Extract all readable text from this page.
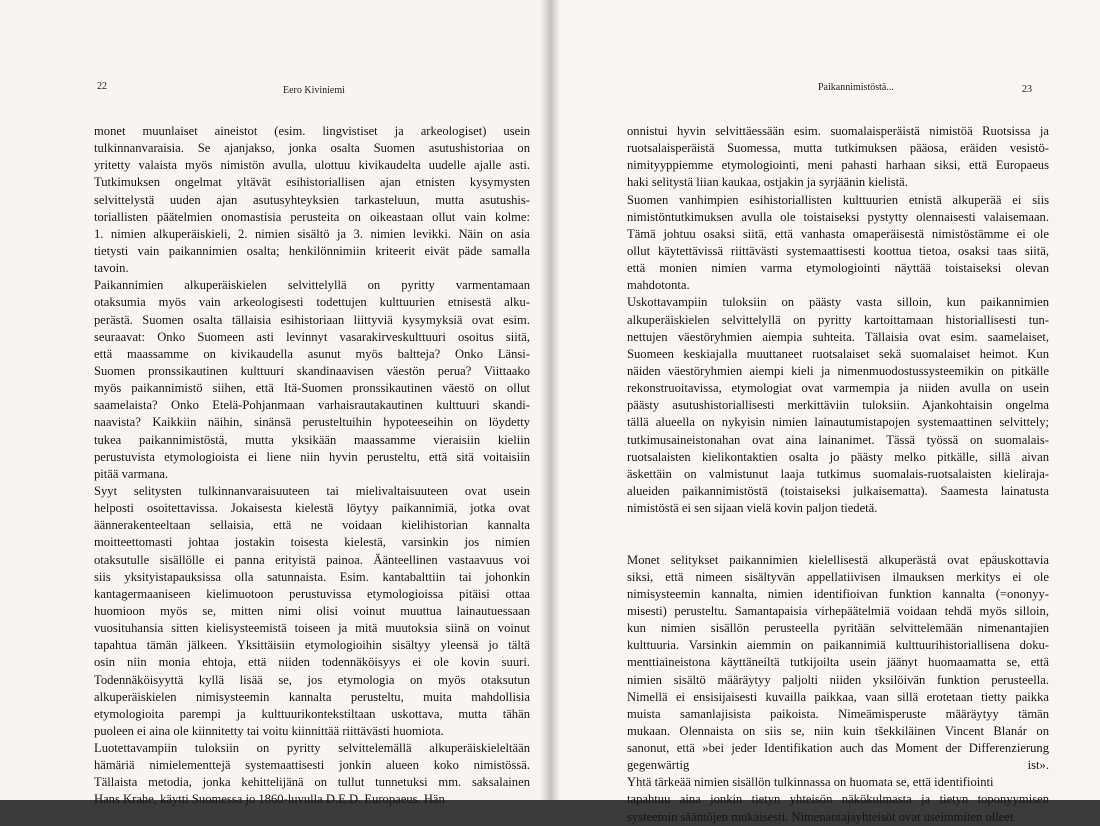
22	Eero Kiviniemi
monet muunlaiset aineistot (esim. lingvistiset ja arkeologiset) usein
tulkinnanvaraisia. Se ajanjakso, jonka osalta Suomen asutushistoriaa on
yritetty valaista myös nimistön avulla, ulottuu kivikaudelta uudelle ajalle asti.
Tutkimuksen ongelmat yltävät esihistoriallisen ajan etnisten kysymysten
selvittelystä uuden ajan asutusyhteyksien tarkasteluun, mutta asutushis-
toriallisten päätelmien onomastisia perusteita on oikeastaan ollut vain kolme:
1. nimien alkuperäiskieli, 2. nimien sisältö ja 3. nimien levikki. Näin on asia
tietysti vain paikannimien osalta; henkilönnimiin kriteerit eivät päde samalla
tavoin.
Paikannimien alkuperäiskielen selvittelyllä on pyritty varmentamaan
otaksumia myös vain arkeologisesti todettujen kulttuurien etnisestä alku-
perästä. Suomen osalta tällaisia esihistoriaan liittyviä kysymyksiä ovat esim.
seuraavat: Onko Suomeen asti levinnyt vasarakirveskulttuuri osoitus siitä,
että maassamme on kivikaudella asunut myös baltteja? Onko Länsi-
Suomen pronssikautinen kulttuuri skandinaavisen väestön perua? Viittaako
myös paikannimistö siihen, että Itä-Suomen pronssikautinen väestö on ollut
saamelaista? Onko Etelä-Pohjanmaan varhaisrautakautinen kulttuuri skandi-
naavista? Kaikkiin näihin, sinänsä perusteltuihin hypoteeseihin on löydetty
tukea paikannimistöstä, mutta yksikään maassamme vieraisiin kieliin
perustuvista etymologioista ei liene niin hyvin perusteltu, että sitä voitaisiin
pitää varmana.
Syyt selitysten tulkinnanvaraisuuteen tai mielivaltaisuuteen ovat usein
helposti osoitettavissa. Jokaisesta kielestä löytyy paikannimiä, jotka ovat
äännerakenteeltaan sellaisia, että ne voidaan kielihistorian kannalta
moitteettomasti johtaa jostakin toisesta kielestä, varsinkin jos nimien
otaksutulle sisällölle ei panna erityistä painoa. Äänteellinen vastaavuus voi
siis yksityistapauksissa olla satunnaista. Esim. kantabalttiin tai johonkin
kantagermaaniseen kielimuotoon perustuvissa etymologioissa pitäisi ottaa
huomioon myös se, mitten nimi olisi voinut muuttua lainautuessaan
vuosituhansia sitten kielisysteemistä toiseen ja mitä muutoksia siinä on voinut
tapahtua tämän jälkeen. Yksittäisiin etymologioihin sisältyy yleensä jo tältä
osin niin monia ehtoja, että niiden todennäköisyys ei ole kovin suuri.
Todennäköisyyttä kyllä lisää se, jos etymologia on myös otaksutun
alkuperäiskielen nimisysteemin kannalta perusteltu, muita mahdollisia
etymologioita parempi ja kulttuurikontekstiltaan uskottava, mutta tähän
puoleen ei aina ole kiinnitetty tai voitu kiinnittää riittävästi huomiota.
Luotettavampiin tuloksiin on pyritty selvittelemällä alkuperäiskieleltään
hämäriä nimielementtejä systemaattisesti jonkin alueen koko nimistössä.
Tällaista metodia, jonka kehittelijänä on tullut tunnetuksi mm. saksalainen
Hans Krahe, käytti Suomessa jo 1860-luvulla D.E.D. Europaeus. Hän
Paikannimistöstä...	23
onnistui hyvin selvittäessään esim. suomalaisperäistä nimistöä Ruotsissa ja
ruotsalaisperäistä Suomessa, mutta tutkimuksen pääosa, eräiden vesistö-
nimityyppiemme etymologiointi, meni pahasti harhaan siksi, että Europaeus
haki selitystä liian kaukaa, ostjakin ja syrjäänin kielistä.
Suomen vanhimpien esihistoriallisten kulttuurien etnistä alkuperää ei siis
nimistöntutkimuksen avulla ole toistaiseksi pystytty olennaisesti valaisemaan.
Tämä johtuu osaksi siitä, että vanhasta omaperäisestä nimistöstämme ei ole
ollut käytettävissä riittävästi systemaattisesti koottua tietoa, osaksi taas siitä,
että monien nimien varma etymologiointi näyttää toistaiseksi olevan
mahdotonta.
Uskottavampiin tuloksiin on päästy vasta silloin, kun paikannimien
alkuperäiskielen selvittelyllä on pyritty kartoittamaan historiallisesti tun-
nettujen väestöryhmien aiempia suhteita. Tällaisia ovat esim. saamelaiset,
Suomeen keskiajalla muuttaneet ruotsalaiset sekä suomalaiset heimot. Kun
näiden väestöryhmien aiempi kieli ja nimenmuodostussysteemikin on pitkälle
rekonstruoitavissa, etymologiat ovat varmempia ja niiden avulla on usein
päästy asutushistoriallisesti merkittäviin tuloksiin. Ajankohtaisin ongelma
tällä alueella on nykyisin nimien lainautumistapojen systemaattinen selvittely;
tutkimusaineistonahan ovat aina lainanimet. Tässä työssä on suomalais-
ruotsalaisten kielikontaktien osalta jo päästy melko pitkälle, sillä aivan
äskettäin on valmistunut laaja tutkimus suomalais-ruotsalaisten kieliraja-
alueiden paikannimistöstä (toistaiseksi julkaisematta). Saamesta lainatusta
nimistöstä ei sen sijaan vielä kovin paljon tiedetä.
Monet selitykset paikannimien kielellisestä alkuperästä ovat epäuskottavia
siksi, että nimeen sisältyvän appellatiivisen ilmauksen merkitys ei ole
nimisysteemin kannalta, nimien identifioivan funktion kannalta (=ononyy-
misesti) perusteltu. Samantapaisia virhepäätelmiä voidaan tehdä myös silloin,
kun nimien sisällön perusteella pyritään selvittelemään nimenantajien
kulttuuria. Varsinkin aiemmin on paikannimiä kulttuurihistoriallisena doku-
menttiaineistona käyttäneiltä tutkijoilta usein jäänyt huomaamatta se, että
nimien sisältö määräytyy paljolti niiden yksilöivän funktion perusteella.
Nimellä ei ensisijaisesti kuvailla paikkaa, vaan sillä erotetaan tietty paikka
muista samanlajisista paikoista. Nimeämisperuste määräytyy tämän
mukaan. Olennaista on siis se, niin kuin tšekkiläinen Vincent Blanár on
sanonut, että »bei jeder Identifikation auch das Moment der Differenzierung
gegenwärtig ist».
Yhtä tärkeää nimien sisällön tulkinnassa on huomata se, että identifiointi
tapahtuu aina jonkin tietyn yhteisön näkökulmasta ja tietyn toponyymisen
systeemin sääntöjen mukaisesti. Nimenantajayhteisöt ovat useimmiten olleet
